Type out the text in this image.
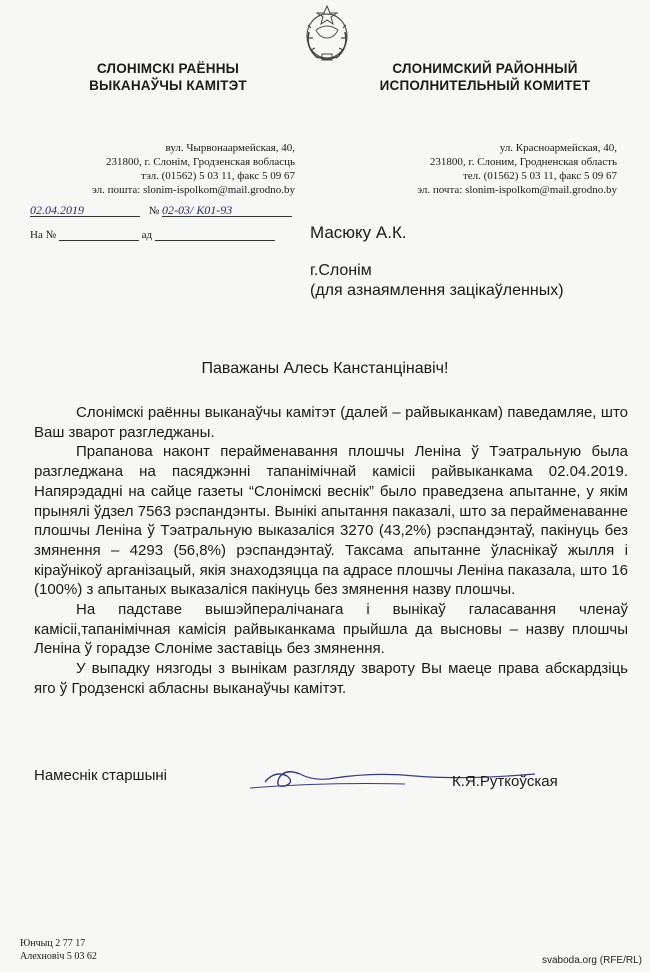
СЛОНІМСКІ РАЁННЫ
ВЫКАНАЎЧЫ КАМІТЭТ
СЛОНИМСКИЙ РАЙОННЫЙ
ИСПОЛНИТЕЛЬНЫЙ КОМИТЕТ
вул. Чырвонаармейская, 40,
231800, г. Слонім, Гродзенская вобласць
тэл. (01562) 5 03 11, факс 5 09 67
эл. пошта: slonim-ispolkom@mail.grodno.by
ул. Красноармейская, 40,
231800, г. Слоним, Гродненская область
тел. (01562) 5 03 11, факс 5 09 67
эл. почта: slonim-ispolkom@mail.grodno.by
02.04.2019	№ 02-03/ К01-93
На №	ад	Масюку А.К.
г.Слонім
(для азнаямлення зацікаўленных)
Паважаны Алесь Канстанцінавіч!

Слонімскі раённы выканаўчы камітэт (далей – райвыканкам) паведамляе, што Ваш зварот разгледжаны.

Прапанова наконт перайменавання плошчы Леніна ў Тэатральную была разгледжана на пасяджэнні тапанімічнай камісіі райвыканкама 02.04.2019. Напярэдадні на сайце газеты “Слонімскі веснік” было праведзена апытанне, у якім прынялі ўдзел 7563 рэспандэнты. Вынікі апытання паказалі, што за перайменаванне плошчы Леніна ў Тэатральную выказаліся 3270 (43,2%) рэспандэнтаў, пакінуць без змянення – 4293 (56,8%) рэспандэнтаў. Таксама апытанне ўласнікаў жылля і кіраўнікоў арганізацый, якія знаходзяцца па адрасе плошчы Леніна паказала, што 16 (100%) з апытаных выказаліся пакінуць без змянення назву плошчы.

На падставе вышэйпералічанага і вынікаў галасавання членаў камісіі,тапанімічная камісія райвыканкама прыйшла да высновы – назву плошчы Леніна ў горадзе Слоніме заставіць без змянення.

У выпадку нязгоды з вынікам разгляду звароту Вы маеце права абскардзіць яго ў Гродзенскі абласны выканаўчы камітэт.

Намеснік старшыні	К.Я.Руткоўская
Юнчыц 2 77 17
Алехновіч 5 03 62	svaboda.org (RFE/RL)
